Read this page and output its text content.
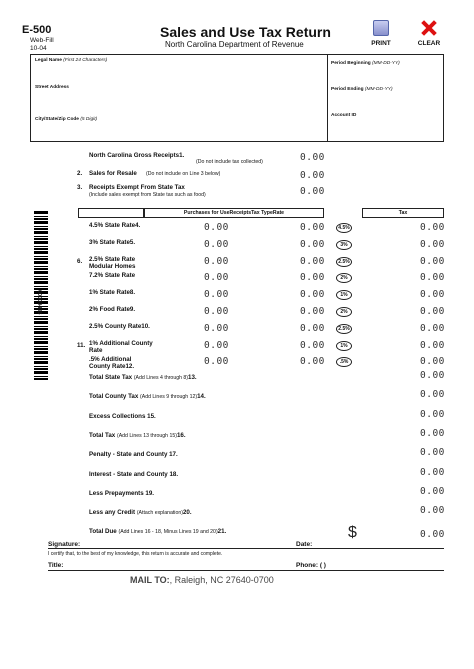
E-500
Web-Fill
10-04
Sales and Use Tax Return
North Carolina Department of Revenue	PRINT	CLEAR
Legal Name (First 24 Characters)
Street Address
City/State/Zip Code (5 Digit)
Period Beginning (MM-DD-YY)
Period Ending (MM-DD-YY)
Account ID
North Carolina Gross Receipts1.
(Do not include tax collected)	0.00
2. Sales for Resale (Do not include on Line 3 below)	0.00
3. Receipts Exempt From State Tax
(Include sales exempt from State tax such as food)	0.00
Purchases for UseReceiptsTax TypeRate	Tax
00000405
4.5% State Rate4.	0.00	0.00	4.5%	0.00
3% State Rate5.	0.00	0.00	3%	0.00
6. 2.5% State Rate Modular Homes	0.00	0.00	2.5%	0.00
7.2% State Rate	0.00	0.00	2%	0.00
1% State Rate8.	0.00	0.00	1%	0.00
2% Food Rate9.	0.00	0.00	2%	0.00
2.5% County Rate10.	0.00	0.00	2.5%	0.00
11. 1% Additional County Rate	0.00	0.00	1%	0.00
.5% Additional County Rate12.	0.00	0.00	.5%	0.00
Total State Tax (Add Lines 4 through 8)13.	0.00
Total County Tax (Add Lines 9 through 12)14.	0.00
Excess Collections 15.	0.00
Total Tax (Add Lines 13 through 15)16.	0.00
Penalty - State and County 17.	0.00
Interest - State and County 18.	0.00
Less Prepayments 19.	0.00
Less any Credit (Attach explanation)20.	0.00
Total Due (Add Lines 16 - 18, Minus Lines 19 and 20)21.	$	0.00
Signature:	Date:
I certify that, to the best of my knowledge, this return is accurate and complete.
Title:	Phone: ( )
MAIL TO:, Raleigh, NC 27640-0700
